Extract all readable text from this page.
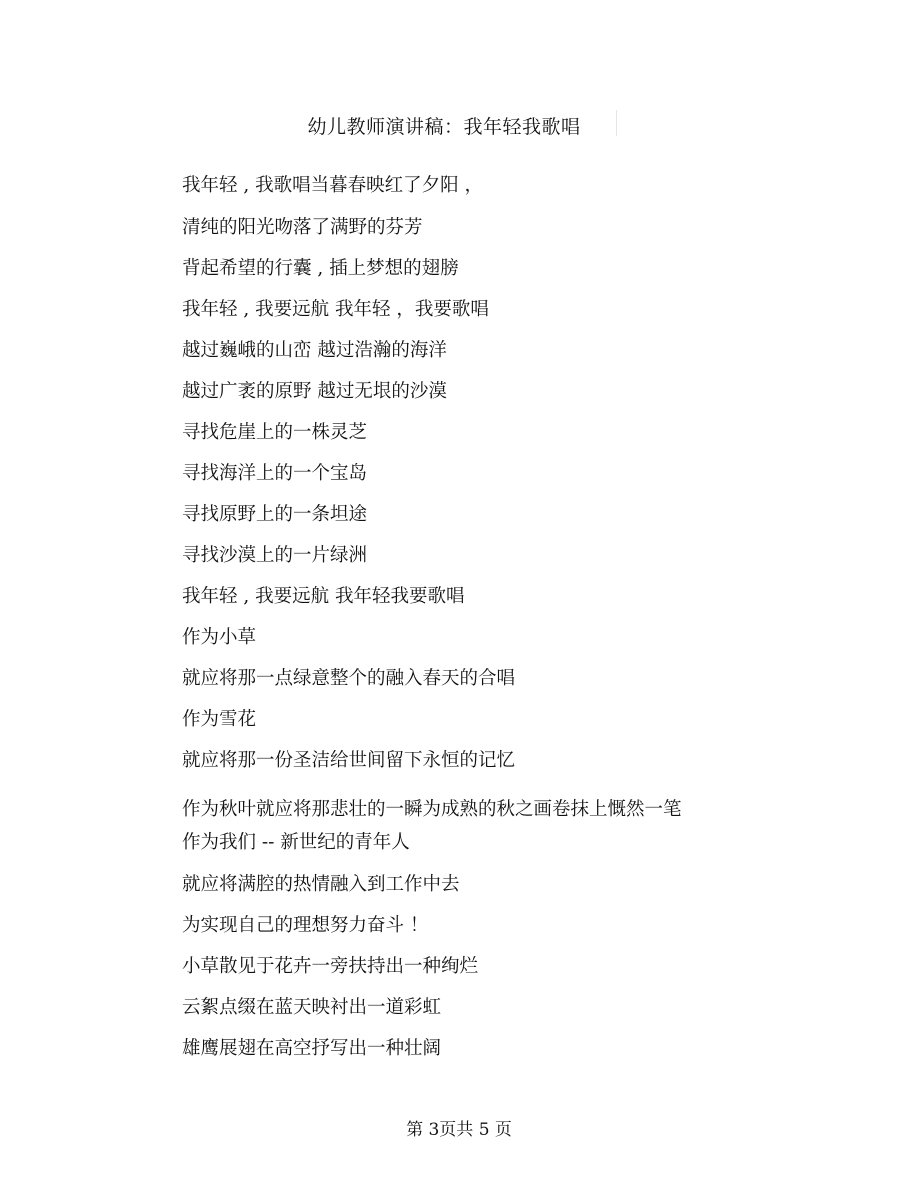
幼儿教师演讲稿：我年轻我歌唱
我年轻 , 我歌唱当暮春映红了夕阳 ，
清纯的阳光吻落了满野的芬芳
背起希望的行囊 , 插上梦想的翅膀
我年轻 , 我要远航 我年轻 ，我要歌唱
越过巍峨的山峦 越过浩瀚的海洋
越过广袤的原野 越过无垠的沙漠
寻找危崖上的一株灵芝
寻找海洋上的一个宝岛
寻找原野上的一条坦途
寻找沙漠上的一片绿洲
我年轻 , 我要远航 我年轻我要歌唱
作为小草
就应将那一点绿意整个的融入春天的合唱
作为雪花
就应将那一份圣洁给世间留下永恒的记忆
作为秋叶就应将那悲壮的一瞬为成熟的秋之画卷抹上慨然一笔
作为我们 -- 新世纪的青年人
就应将满腔的热情融入到工作中去
为实现自己的理想努力奋斗 ！
小草散见于花卉一旁扶持出一种绚烂
云絮点缀在蓝天映衬出一道彩虹
雄鹰展翅在高空抒写出一种壮阔
第 3页共 5 页
